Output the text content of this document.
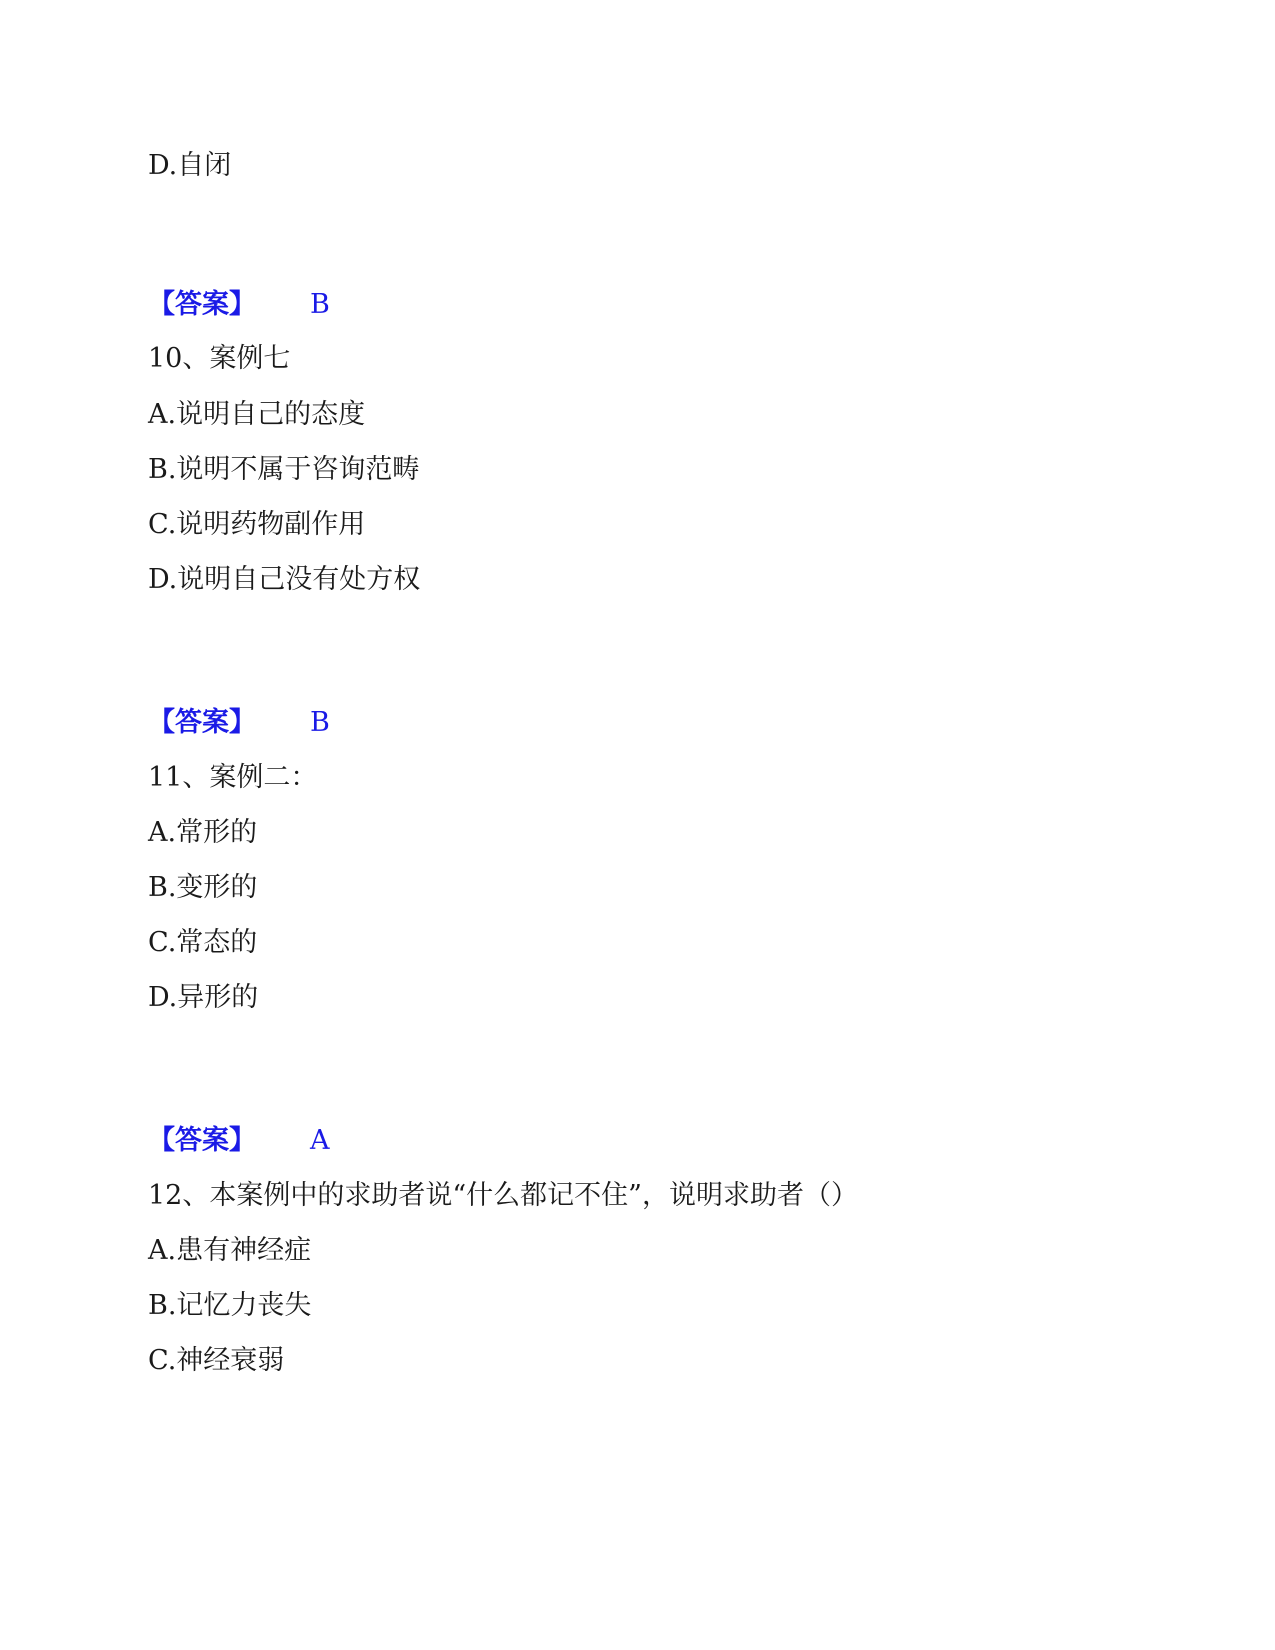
D.自闭
【答案】 B
10、案例七
A.说明自己的态度
B.说明不属于咨询范畴
C.说明药物副作用
D.说明自己没有处方权
【答案】 B
11、案例二：
A.常形的
B.变形的
C.常态的
D.异形的
【答案】 A
12、本案例中的求助者说“什么都记不住”，说明求助者（）
A.患有神经症
B.记忆力丧失
C.神经衰弱
